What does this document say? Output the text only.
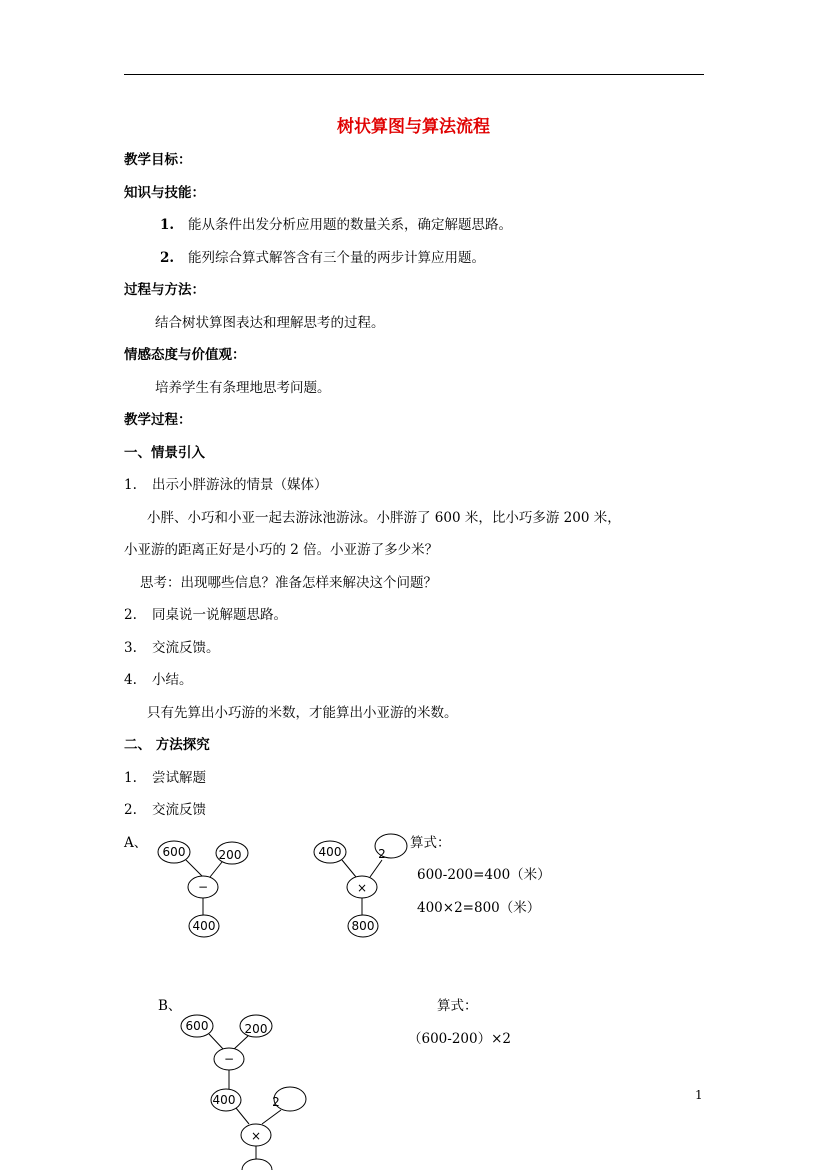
树状算图与算法流程
教学目标：
知识与技能：
1. 能从条件出发分析应用题的数量关系，确定解题思路。
2. 能列综合算式解答含有三个量的两步计算应用题。
过程与方法：
结合树状算图表达和理解思考的过程。
情感态度与价值观：
培养学生有条理地思考问题。
教学过程：
一、情景引入
1. 出示小胖游泳的情景（媒体）
小胖、小巧和小亚一起去游泳池游泳。小胖游了 600 米，比小巧多游 200 米，
小亚游的距离正好是小巧的 2 倍。小亚游了多少米？
思考：出现哪些信息？准备怎样来解决这个问题？
2. 同桌说一说解题思路。
3. 交流反馈。
4. 小结。
只有先算出小巧游的米数，才能算出小亚游的米数。
二、 方法探究
1. 尝试解题
2. 交流反馈
A、	算式：
600-200=400（米）
400×2=800（米）
B、	算式：
（600-200）×2
600	200
−
400
400	2
×
800
600	200
−
400	2
×
1
